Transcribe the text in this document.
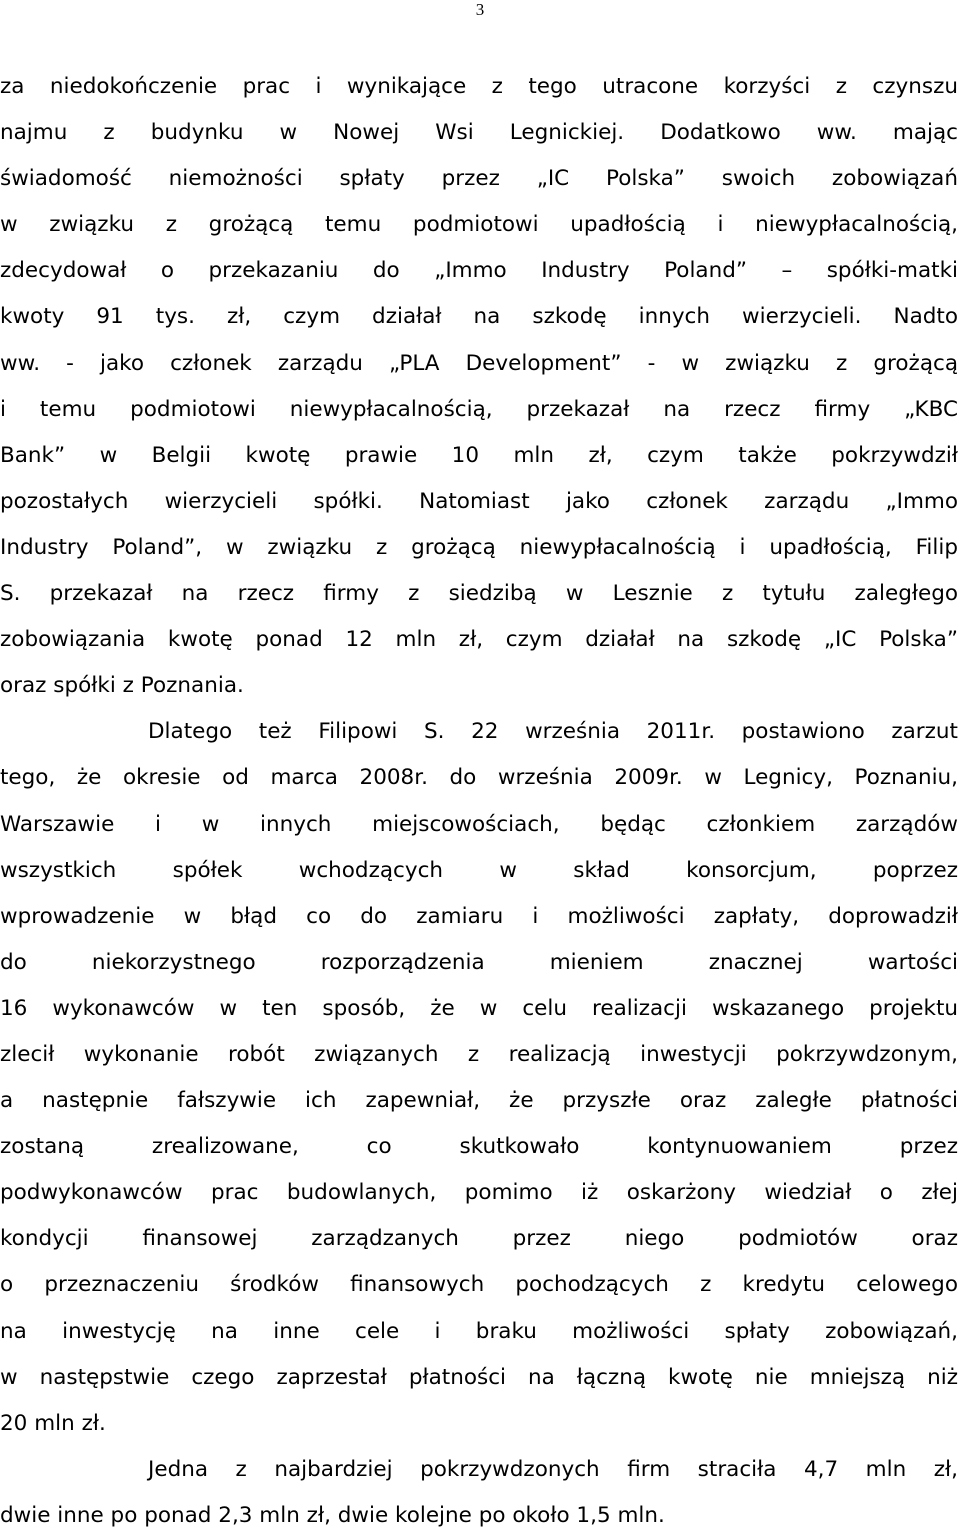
3
za niedokończenie prac i wynikające z tego utracone korzyści z czynszu
najmu z budynku w Nowej Wsi Legnickiej. Dodatkowo ww. mając
świadomość niemożności spłaty przez „IC Polska” swoich zobowiązań
w związku z grożącą temu podmiotowi upadłością i niewypłacalnością,
zdecydował o przekazaniu do „Immo Industry Poland” – spółki-matki
kwoty 91 tys. zł, czym działał na szkodę innych wierzycieli. Nadto
ww. - jako członek zarządu „PLA Development” - w związku z grożącą
i temu podmiotowi niewypłacalnością, przekazał na rzecz firmy „KBC
Bank” w Belgii kwotę prawie 10 mln zł, czym także pokrzywdził
pozostałych wierzycieli spółki. Natomiast jako członek zarządu „Immo
Industry Poland”, w związku z grożącą niewypłacalnością i upadłością, Filip
S. przekazał na rzecz firmy z siedzibą w Lesznie z tytułu zaległego
zobowiązania kwotę ponad 12 mln zł, czym działał na szkodę „IC Polska”
oraz spółki z Poznania.
Dlatego też Filipowi S. 22 września 2011r. postawiono zarzut
tego, że okresie od marca 2008r. do września 2009r. w Legnicy, Poznaniu,
Warszawie i w innych miejscowościach, będąc członkiem zarządów
wszystkich spółek wchodzących w skład konsorcjum, poprzez
wprowadzenie w błąd co do zamiaru i możliwości zapłaty, doprowadził
do niekorzystnego rozporządzenia mieniem znacznej wartości
16 wykonawców w ten sposób, że w celu realizacji wskazanego projektu
zlecił wykonanie robót związanych z realizacją inwestycji pokrzywdzonym,
a następnie fałszywie ich zapewniał, że przyszłe oraz zaległe płatności
zostaną zrealizowane, co skutkowało kontynuowaniem przez
podwykonawców prac budowlanych, pomimo iż oskarżony wiedział o złej
kondycji finansowej zarządzanych przez niego podmiotów oraz
o przeznaczeniu środków finansowych pochodzących z kredytu celowego
na inwestycję na inne cele i braku możliwości spłaty zobowiązań,
w następstwie czego zaprzestał płatności na łączną kwotę nie mniejszą niż
20 mln zł.
Jedna z najbardziej pokrzywdzonych firm straciła 4,7 mln zł,
dwie inne po ponad 2,3 mln zł, dwie kolejne po około 1,5 mln.
